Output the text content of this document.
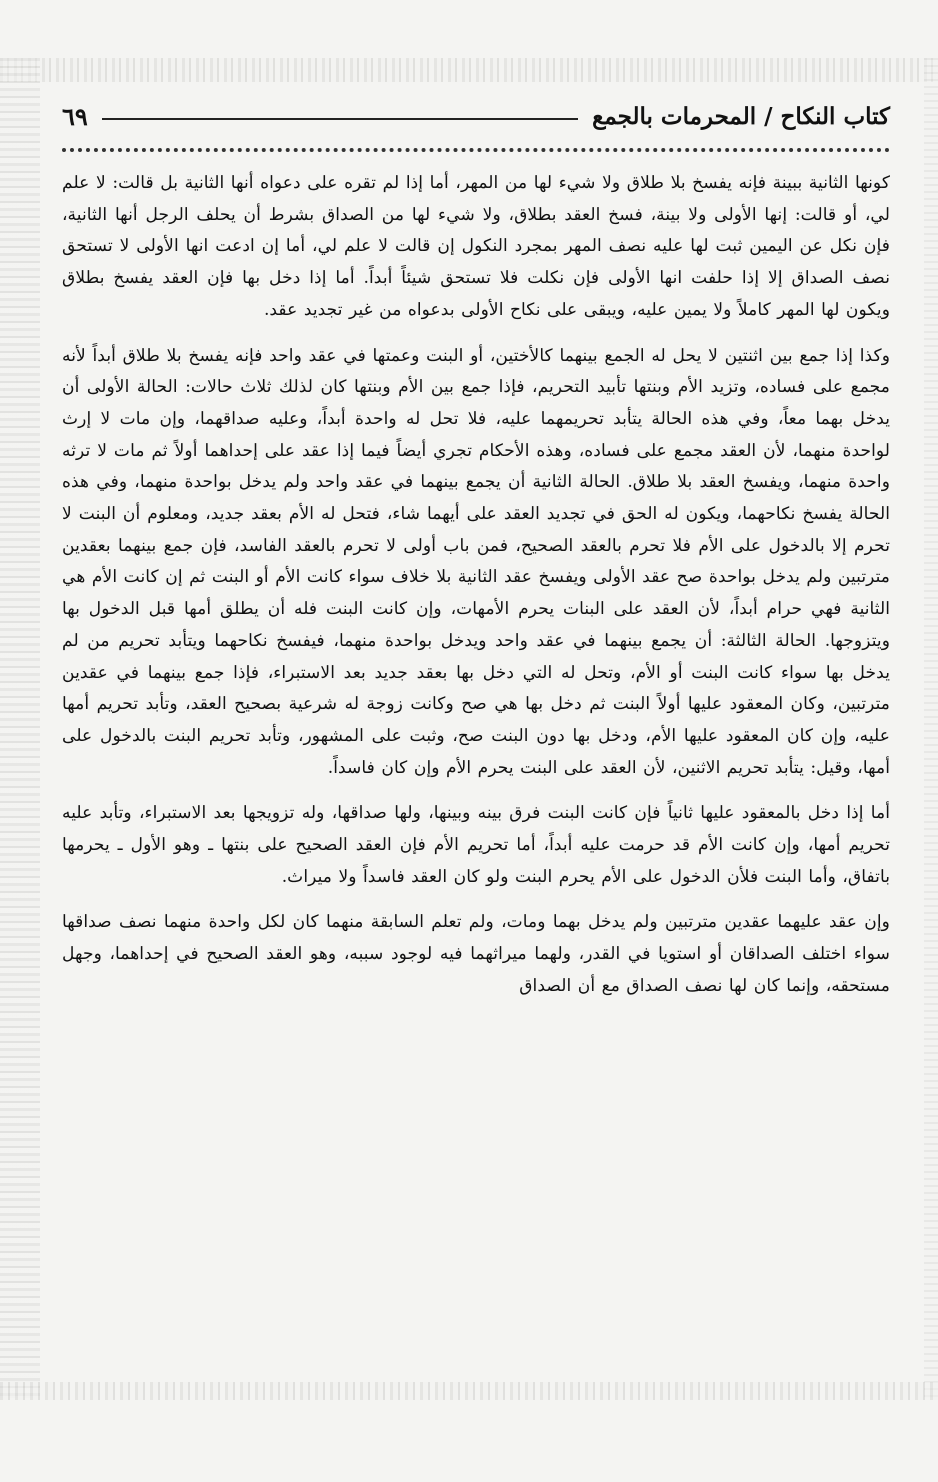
كتاب النكاح / المحرمات بالجمع
٦٩

كونها الثانية ببينة فإنه يفسخ بلا طلاق ولا شيء لها من المهر، أما إذا لم تقره على دعواه أنها الثانية بل قالت: لا علم لي، أو قالت: إنها الأولى ولا بينة، فسخ العقد بطلاق، ولا شيء لها من الصداق بشرط أن يحلف الرجل أنها الثانية، فإن نكل عن اليمين ثبت لها عليه نصف المهر بمجرد النكول إن قالت لا علم لي، أما إن ادعت انها الأولى لا تستحق نصف الصداق إلا إذا حلفت انها الأولى فإن نكلت فلا تستحق شيئاً أبداً. أما إذا دخل بها فإن العقد يفسخ بطلاق ويكون لها المهر كاملاً ولا يمين عليه، ويبقى على نكاح الأولى بدعواه من غير تجديد عقد.

وكذا إذا جمع بين اثنتين لا يحل له الجمع بينهما كالأختين، أو البنت وعمتها في عقد واحد فإنه يفسخ بلا طلاق أبداً لأنه مجمع على فساده، وتزيد الأم وبنتها تأبيد التحريم، فإذا جمع بين الأم وبنتها كان لذلك ثلاث حالات: الحالة الأولى أن يدخل بهما معاً، وفي هذه الحالة يتأبد تحريمهما عليه، فلا تحل له واحدة أبداً، وعليه صداقهما، وإن مات لا إرث لواحدة منهما، لأن العقد مجمع على فساده، وهذه الأحكام تجري أيضاً فيما إذا عقد على إحداهما أولاً ثم مات لا ترثه واحدة منهما، ويفسخ العقد بلا طلاق. الحالة الثانية أن يجمع بينهما في عقد واحد ولم يدخل بواحدة منهما، وفي هذه الحالة يفسخ نكاحهما، ويكون له الحق في تجديد العقد على أيهما شاء، فتحل له الأم بعقد جديد، ومعلوم أن البنت لا تحرم إلا بالدخول على الأم فلا تحرم بالعقد الصحيح، فمن باب أولى لا تحرم بالعقد الفاسد، فإن جمع بينهما بعقدين مترتبين ولم يدخل بواحدة صح عقد الأولى ويفسخ عقد الثانية بلا خلاف سواء كانت الأم أو البنت ثم إن كانت الأم هي الثانية فهي حرام أبداً، لأن العقد على البنات يحرم الأمهات، وإن كانت البنت فله أن يطلق أمها قبل الدخول بها ويتزوجها. الحالة الثالثة: أن يجمع بينهما في عقد واحد ويدخل بواحدة منهما، فيفسخ نكاحهما ويتأبد تحريم من لم يدخل بها سواء كانت البنت أو الأم، وتحل له التي دخل بها بعقد جديد بعد الاستبراء، فإذا جمع بينهما في عقدين مترتبين، وكان المعقود عليها أولاً البنت ثم دخل بها هي صح وكانت زوجة له شرعية بصحيح العقد، وتأبد تحريم أمها عليه، وإن كان المعقود عليها الأم، ودخل بها دون البنت صح، وثبت على المشهور، وتأبد تحريم البنت بالدخول على أمها، وقيل: يتأبد تحريم الاثنين، لأن العقد على البنت يحرم الأم وإن كان فاسداً.

أما إذا دخل بالمعقود عليها ثانياً فإن كانت البنت فرق بينه وبينها، ولها صداقها، وله تزويجها بعد الاستبراء، وتأبد عليه تحريم أمها، وإن كانت الأم قد حرمت عليه أبداً، أما تحريم الأم فإن العقد الصحيح على بنتها ـ وهو الأول ـ يحرمها باتفاق، وأما البنت فلأن الدخول على الأم يحرم البنت ولو كان العقد فاسداً ولا ميراث.

وإن عقد عليهما عقدين مترتبين ولم يدخل بهما ومات، ولم تعلم السابقة منهما كان لكل واحدة منهما نصف صداقها سواء اختلف الصداقان أو استويا في القدر، ولهما ميراثهما فيه لوجود سببه، وهو العقد الصحيح في إحداهما، وجهل مستحقه، وإنما كان لها نصف الصداق مع أن الصداق
